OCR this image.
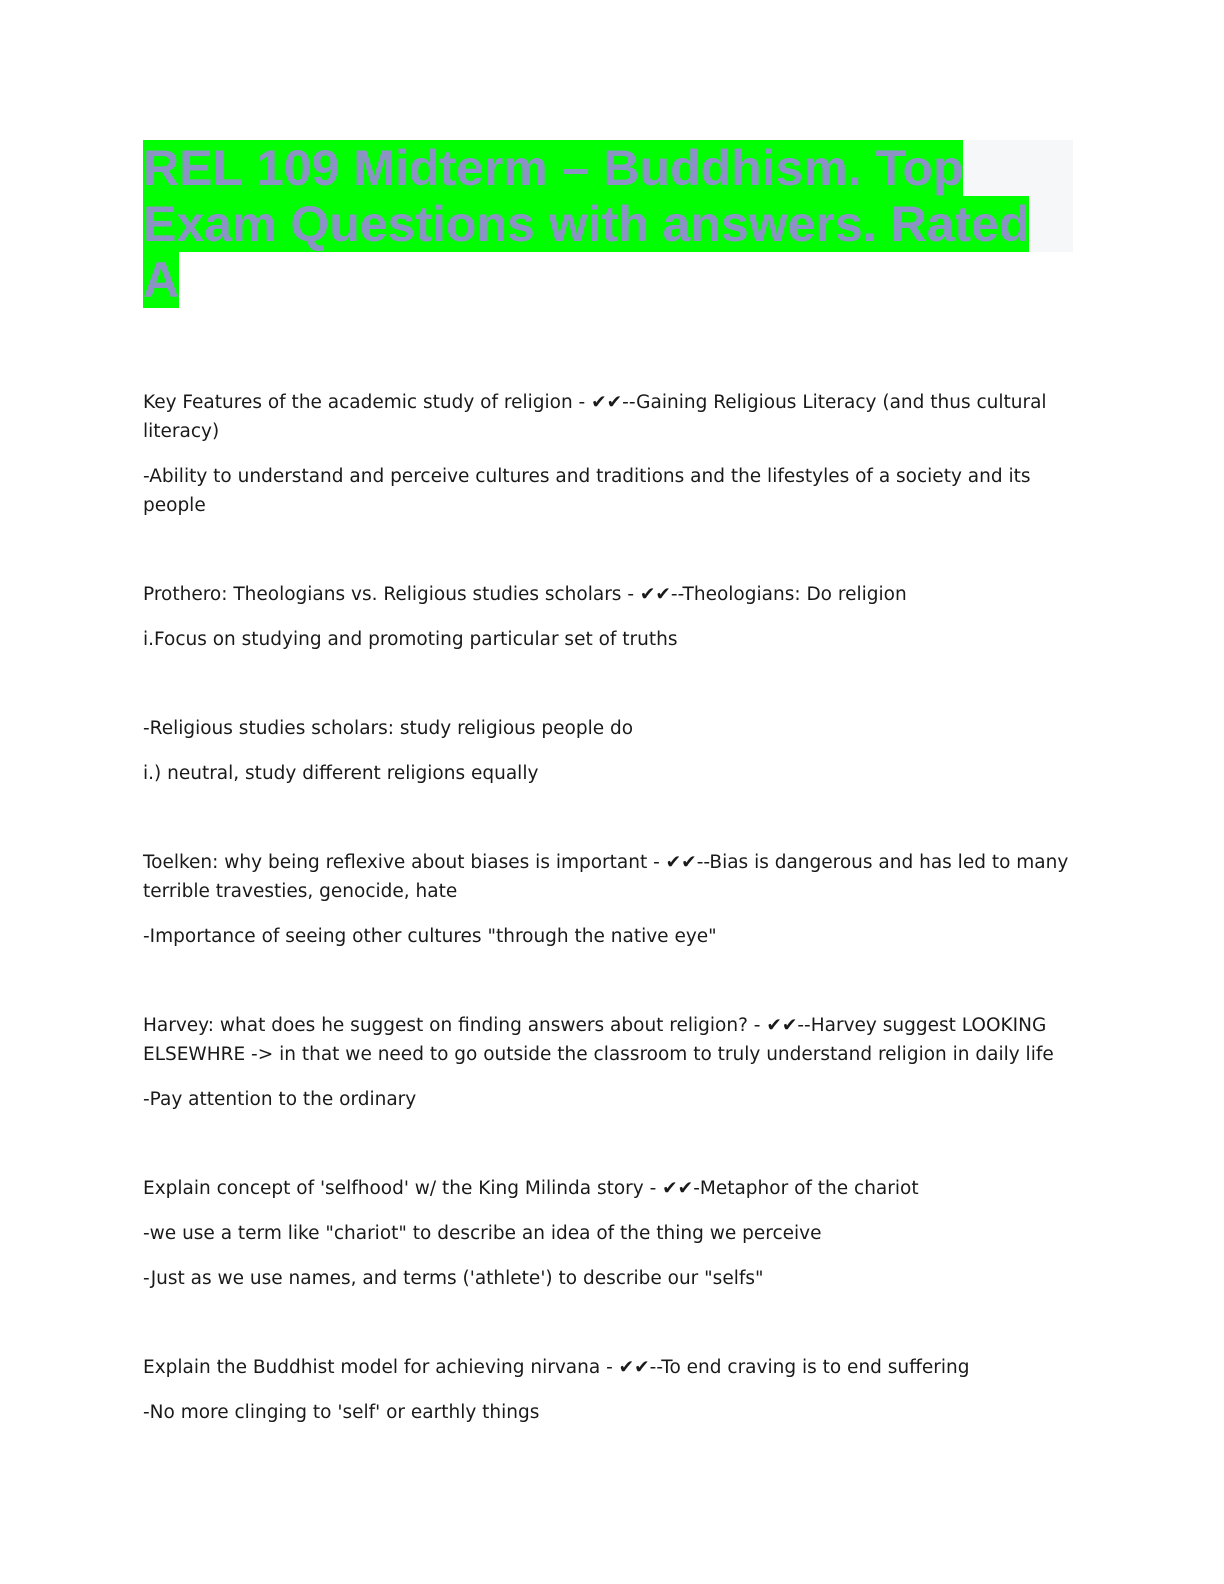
REL 109 Midterm – Buddhism. Top Exam Questions with answers. Rated A

Key Features of the academic study of religion - ✔✔--Gaining Religious Literacy (and thus cultural literacy)

-Ability to understand and perceive cultures and traditions and the lifestyles of a society and its people

Prothero: Theologians vs. Religious studies scholars - ✔✔--Theologians: Do religion

i.Focus on studying and promoting particular set of truths

-Religious studies scholars: study religious people do

i.) neutral, study different religions equally

Toelken: why being reflexive about biases is important - ✔✔--Bias is dangerous and has led to many terrible travesties, genocide, hate

-Importance of seeing other cultures "through the native eye"

Harvey: what does he suggest on finding answers about religion? - ✔✔--Harvey suggest LOOKING ELSEWHRE -> in that we need to go outside the classroom to truly understand religion in daily life

-Pay attention to the ordinary

Explain concept of 'selfhood' w/ the King Milinda story - ✔✔-Metaphor of the chariot

-we use a term like "chariot" to describe an idea of the thing we perceive

-Just as we use names, and terms ('athlete') to describe our "selfs"

Explain the Buddhist model for achieving nirvana - ✔✔--To end craving is to end suffering

-No more clinging to 'self' or earthly things
